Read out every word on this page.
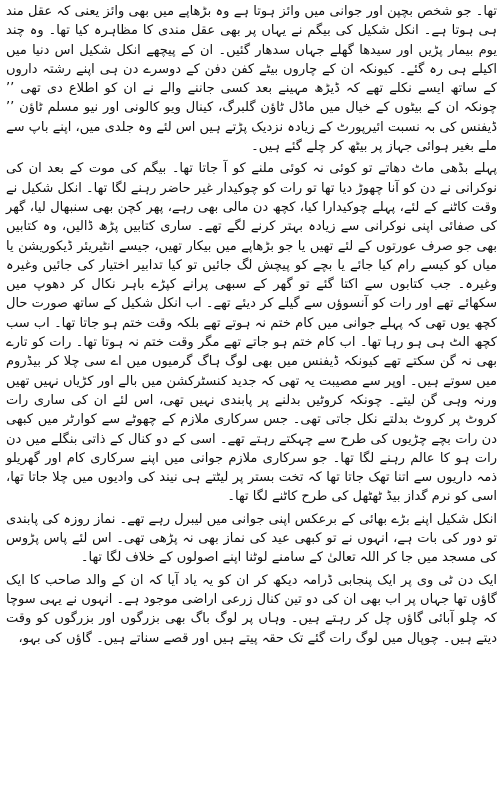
تھا۔ جو شخص بچپن اور جوانی میں وائز ہوتا ہے وہ بڑھاپے میں بھی وائز یعنی کہ عقل مند ہی ہوتا ہے۔ انکل شکیل کی بیگم نے یہاں پر بھی عقل مندی کا مظاہرہ کیا تھا۔ وہ چند یوم بیمار پڑیں اور سیدھا گھلے جہاں سدھار گئیں۔ ان کے پیچھے انکل شکیل اس دنیا میں اکیلے ہی رہ گئے۔ کیونکہ ان کے چاروں بیٹے کفن دفن کے دوسرے دن ہی اپنے رشتہ داروں کے ساتھ ایسے نکلے تھے کہ ڈیڑھ مہینے بعد کسی جاننے والے نے ان کو اطلاع دی تھی ’’ چونکہ ان کے بیٹوں کے خیال میں ماڈل ٹاؤن گلبرگ، کینال ویو کالونی اور نیو مسلم ٹاؤن ’’ ڈیفنس کی بہ نسبت ائیرپورٹ کے زیادہ نزدیک پڑتے ہیں اس لئے وہ جلدی میں، اپنے باپ سے ملے بغیر ہوائی جہاز پر بیٹھ کر چلے گئے ہیں۔

پہلے بڈھی ماٹ دھاتے تو کوئی نہ کوئی ملنے کو آ جاتا تھا۔ بیگم کی موت کے بعد ان کی نوکرانی نے دن کو آنا چھوڑ دیا تھا تو رات کو چوکیدار غیر حاضر رہنے لگا تھا۔ انکل شکیل نے وقت کاٹنے کے لئے، پہلے چوکیدارا کیا، کچھ دن مالی بھی رہے، پھر کچن بھی سنبھال لیا، گھر کی صفائی اپنی نوکرانی سے زیادہ بہتر کرنے لگے تھے۔ ساری کتابیں پڑھ ڈالیں، وہ کتابیں بھی جو صرف عورتوں کے لئے تھیں یا جو بڑھاپے میں بیکار تھیں، جیسے انٹیریئر ڈیکوریشن یا میاں کو کیسے رام کیا جائے یا بچے کو پیچش لگ جائیں تو کیا تدابیر اختیار کی جائیں وغیرہ وغیرہ۔ جب کتابوں سے اکتا گئے تو گھر کے سبھی پرانے کپڑے باہر نکال کر دھوپ میں سکھائے تھے اور رات کو آنسوؤں سے گیلے کر دیئے تھے۔ اب انکل شکیل کے ساتھ صورت حال کچھ یوں تھی کہ پہلے جوانی میں کام ختم نہ ہوتے تھے بلکہ وقت ختم ہو جاتا تھا۔ اب سب کچھ الٹ ہی ہو رہا تھا۔ اب کام ختم ہو جاتے تھے مگر وقت ختم نہ ہوتا تھا۔ رات کو تارے بھی نہ گن سکتے تھے کیونکہ ڈیفنس میں بھی لوگ ہاگ گرمیوں میں اے سی چلا کر بیڈروم میں سوتے ہیں۔ اوپر سے مصیبت یہ تھی کہ جدید کنسٹرکشن میں بالے اور کڑیاں نہیں تھیں ورنہ وہی گن لیتے۔ چونکہ کروٹیں بدلنے پر پابندی نہیں تھی، اس لئے ان کی ساری رات کروٹ پر کروٹ بدلتے نکل جاتی تھی۔ جس سرکاری ملازم کے چھوٹے سے کوارٹر میں کبھی دن رات بچے چڑیوں کی طرح سے چہکتے رہتے تھے۔ اسی کے دو کنال کے ذاتی بنگلے میں دن رات ہو کا عالم رہنے لگا تھا۔ جو سرکاری ملازم جوانی میں اپنے سرکاری کام اور گھریلو ذمہ داریوں سے اتنا تھک جاتا تھا کہ تخت بستر پر لیٹتے ہی نیند کی وادیوں میں چلا جاتا تھا، اسی کو نرم گداز بیڈ ٹھٹھل کی طرح کاٹنے لگا تھا۔

انکل شکیل اپنے بڑے بھائی کے برعکس اپنی جوانی میں لیبرل رہے تھے۔ نماز روزہ کی پابندی تو دور کی بات ہے، انہوں نے تو کبھی عید کی نماز بھی نہ پڑھی تھی۔ اس لئے پاس پڑوس کی مسجد میں جا کر اللہ تعالیٰ کے سامنے لوٹنا اپنے اصولوں کے خلاف لگا تھا۔

ایک دن ٹی وی پر ایک پنجابی ڈرامہ دیکھ کر ان کو یہ یاد آیا کہ ان کے والد صاحب کا ایک گاؤں تھا جہاں پر اب بھی ان کی دو تین کنال زرعی اراضی موجود ہے۔ انہوں نے یہی سوچا کہ چلو آبائی گاؤں چل کر رہتے ہیں۔ وہاں پر لوگ باگ بھی بزرگوں اور بزرگوں کو وقت دیتے ہیں۔ چوپال میں لوگ رات گئے تک حقہ پیتے ہیں اور قصے سناتے ہیں۔ گاؤں کی بہو،
